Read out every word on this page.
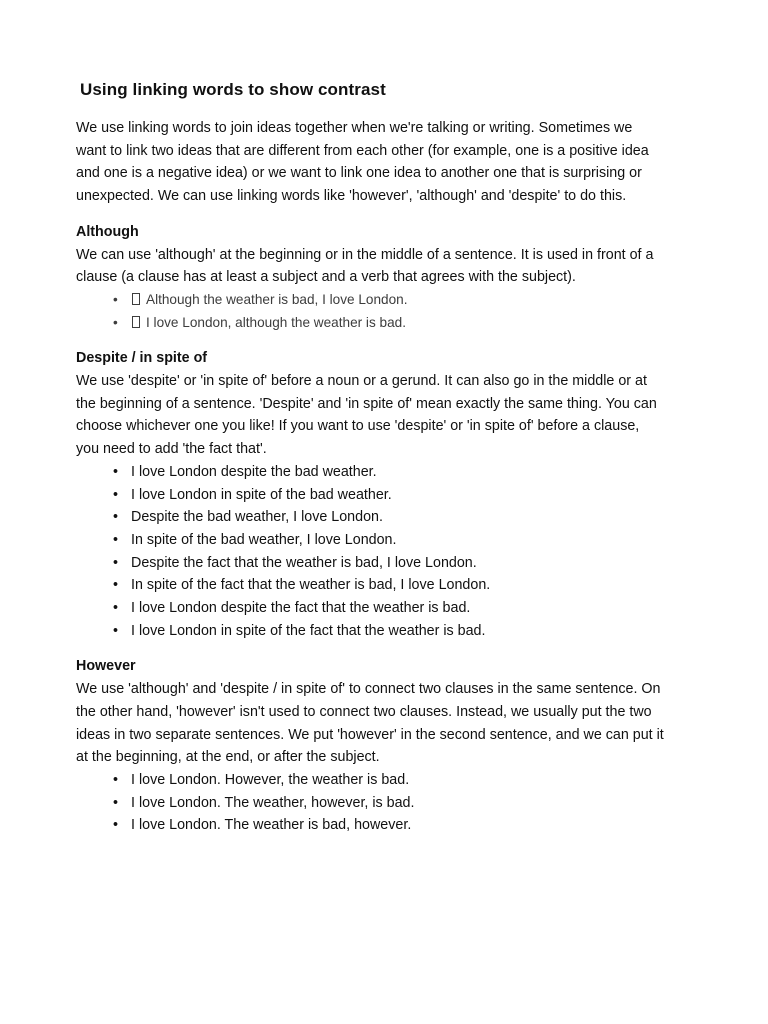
Using linking words to show contrast

We use linking words to join ideas together when we're talking or writing. Sometimes we

want to link two ideas that are different from each other (for example, one is a positive idea

and one is a negative idea) or we want to link one idea to another one that is surprising or

unexpected. We can use linking words like 'however', 'although' and 'despite' to do this.

Although

We can use 'although' at the beginning or in the middle of a sentence. It is used in front of a

clause (a clause has at least a subject and a verb that agrees with the subject).

• Although the weather is bad, I love London.
• I love London, although the weather is bad.

Despite / in spite of

We use 'despite' or 'in spite of' before a noun or a gerund. It can also go in the middle or at

the beginning of a sentence. 'Despite' and 'in spite of' mean exactly the same thing. You can

choose whichever one you like! If you want to use 'despite' or 'in spite of' before a clause,

you need to add 'the fact that'.

• I love London despite the bad weather.
• I love London in spite of the bad weather.
• Despite the bad weather, I love London.
• In spite of the bad weather, I love London.
• Despite the fact that the weather is bad, I love London.
• In spite of the fact that the weather is bad, I love London.
• I love London despite the fact that the weather is bad.
• I love London in spite of the fact that the weather is bad.

However

We use 'although' and 'despite / in spite of' to connect two clauses in the same sentence. On

the other hand, 'however' isn't used to connect two clauses. Instead, we usually put the two

ideas in two separate sentences. We put 'however' in the second sentence, and we can put it

at the beginning, at the end, or after the subject.

• I love London. However, the weather is bad.
• I love London. The weather, however, is bad.
• I love London. The weather is bad, however.
